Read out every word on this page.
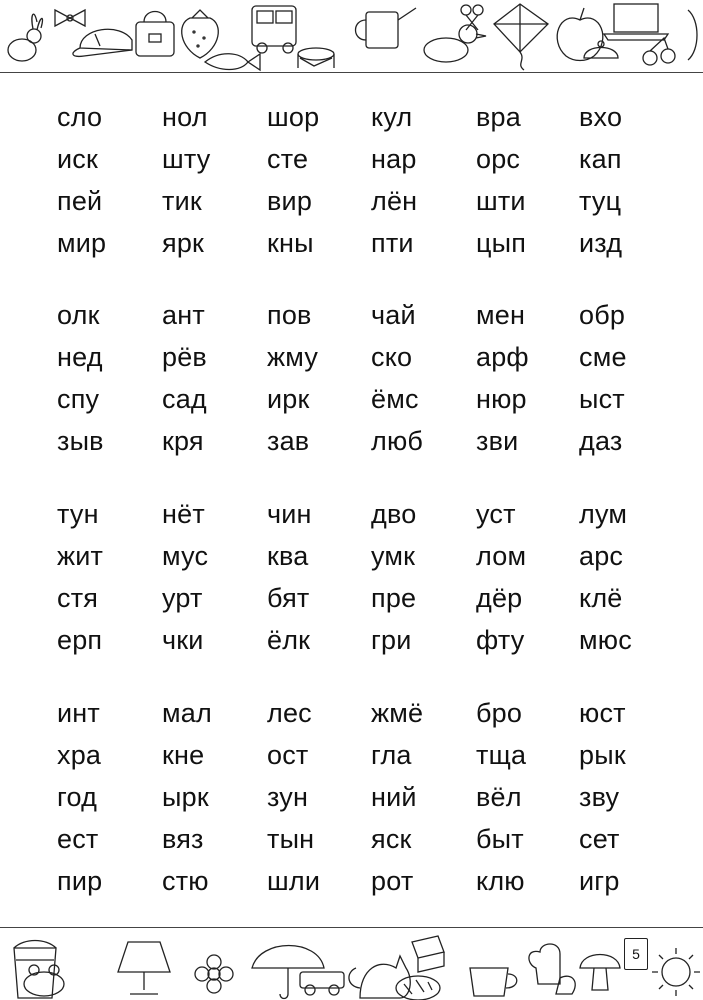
сло нол шор кул вра вхо
иск шту сте нар орс кап
пей тик вир лён шти туц
мир ярк кны пти цып изд
олк ант пов чай мен обр
нед рёв жму ско арф сме
спу сад ирк ёмс нюр ыст
зыв кря зав люб зви даз
тун нёт чин дво уст лум
жит мус ква умк лом арс
стя урт бят пре дёр клё
ерп чки ёлк гри фту мюс
инт мал лес жмё бро юст
хра кне ост гла тща рык
год ырк зун ний вёл зву
ест вяз тын яск быт сет
пир стю шли рот клю игр
5
